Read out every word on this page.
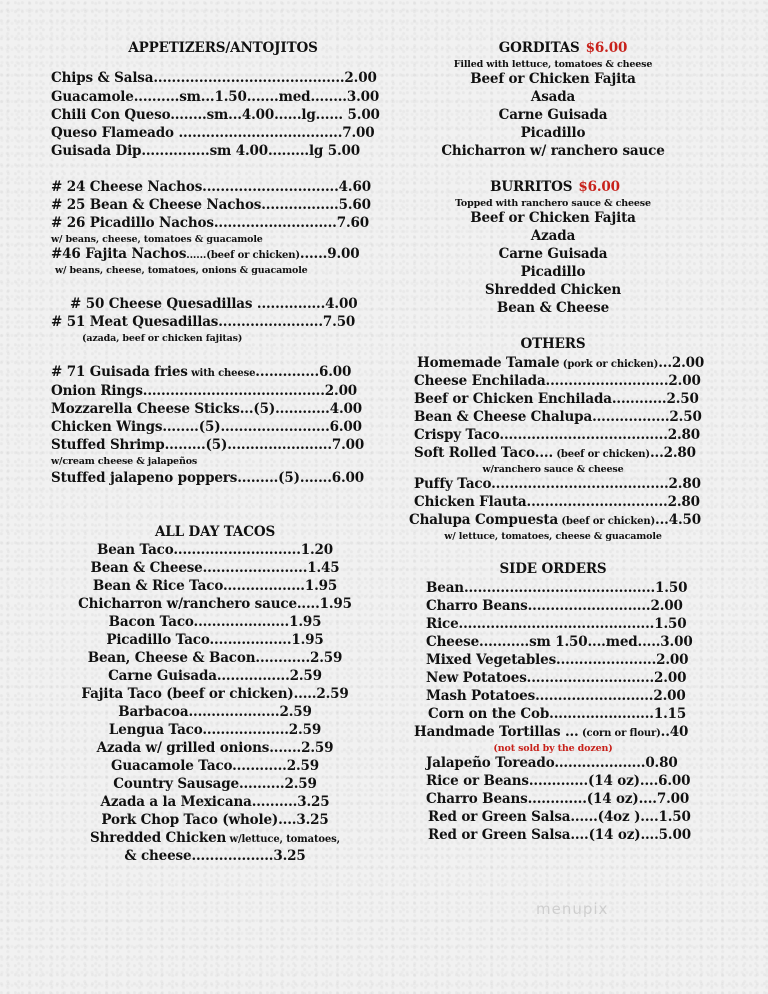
APPETIZERS/ANTOJITOS
Chips & Salsa..........................................2.00
Guacamole..........sm...1.50.......med........3.00
Chili Con Queso........sm...4.00......lg...... 5.00
Queso Flameado ....................................7.00
Guisada Dip...............sm 4.00.........lg 5.00
# 24 Cheese Nachos..............................4.60
# 25 Bean & Cheese Nachos.................5.60
# 26 Picadillo Nachos...........................7.60
w/ beans, cheese, tomatoes & guacamole
#46 Fajita Nachos......(beef or chicken)......9.00
w/ beans, cheese, tomatoes, onions & guacamole
# 50 Cheese Quesadillas ...............4.00
# 51 Meat Quesadillas.......................7.50
(azada, beef or chicken fajitas)
# 71 Guisada fries with cheese..............6.00
Onion Rings........................................2.00
Mozzarella Cheese Sticks...(5)............4.00
Chicken Wings........(5)........................6.00
Stuffed Shrimp.........(5).......................7.00
w/cream cheese & jalapeños
Stuffed jalapeno poppers.........(5).......6.00
ALL DAY TACOS
Bean Taco............................1.20
Bean & Cheese.......................1.45
Bean & Rice Taco..................1.95
Chicharron w/ranchero sauce.....1.95
Bacon Taco.....................1.95
Picadillo Taco..................1.95
Bean, Cheese & Bacon............2.59
Carne Guisada................2.59
Fajita Taco (beef or chicken).....2.59
Barbacoa....................2.59
Lengua Taco...................2.59
Azada w/ grilled onions.......2.59
Guacamole Taco............2.59
Country Sausage..........2.59
Azada a la Mexicana..........3.25
Pork Chop Taco (whole)....3.25
Shredded Chicken w/lettuce, tomatoes,
& cheese..................3.25
GORDITAS $6.00
Filled with lettuce, tomatoes & cheese
Beef or Chicken Fajita
Asada
Carne Guisada
Picadillo
Chicharron w/ ranchero sauce
BURRITOS $6.00
Topped with ranchero sauce & cheese
Beef or Chicken Fajita
Azada
Carne Guisada
Picadillo
Shredded Chicken
Bean & Cheese
OTHERS
Homemade Tamale (pork or chicken)...2.00
Cheese Enchilada...........................2.00
Beef or Chicken Enchilada............2.50
Bean & Cheese Chalupa.................2.50
Crispy Taco.....................................2.80
Soft Rolled Taco.... (beef or chicken)...2.80
w/ranchero sauce & cheese
Puffy Taco.......................................2.80
Chicken Flauta...............................2.80
Chalupa Compuesta (beef or chicken)...4.50
w/ lettuce, tomatoes, cheese & guacamole
SIDE ORDERS
Bean..........................................1.50
Charro Beans...........................2.00
Rice...........................................1.50
Cheese...........sm 1.50....med.....3.00
Mixed Vegetables......................2.00
New Potatoes............................2.00
Mash Potatoes..........................2.00
Corn on the Cob.......................1.15
Handmade Tortillas ... (corn or flour)..40
(not sold by the dozen)
Jalapeño Toreado....................0.80
Rice or Beans.............(14 oz)....6.00
Charro Beans.............(14 oz)....7.00
Red or Green Salsa......(4oz )....1.50
Red or Green Salsa....(14 oz)....5.00
menupix
